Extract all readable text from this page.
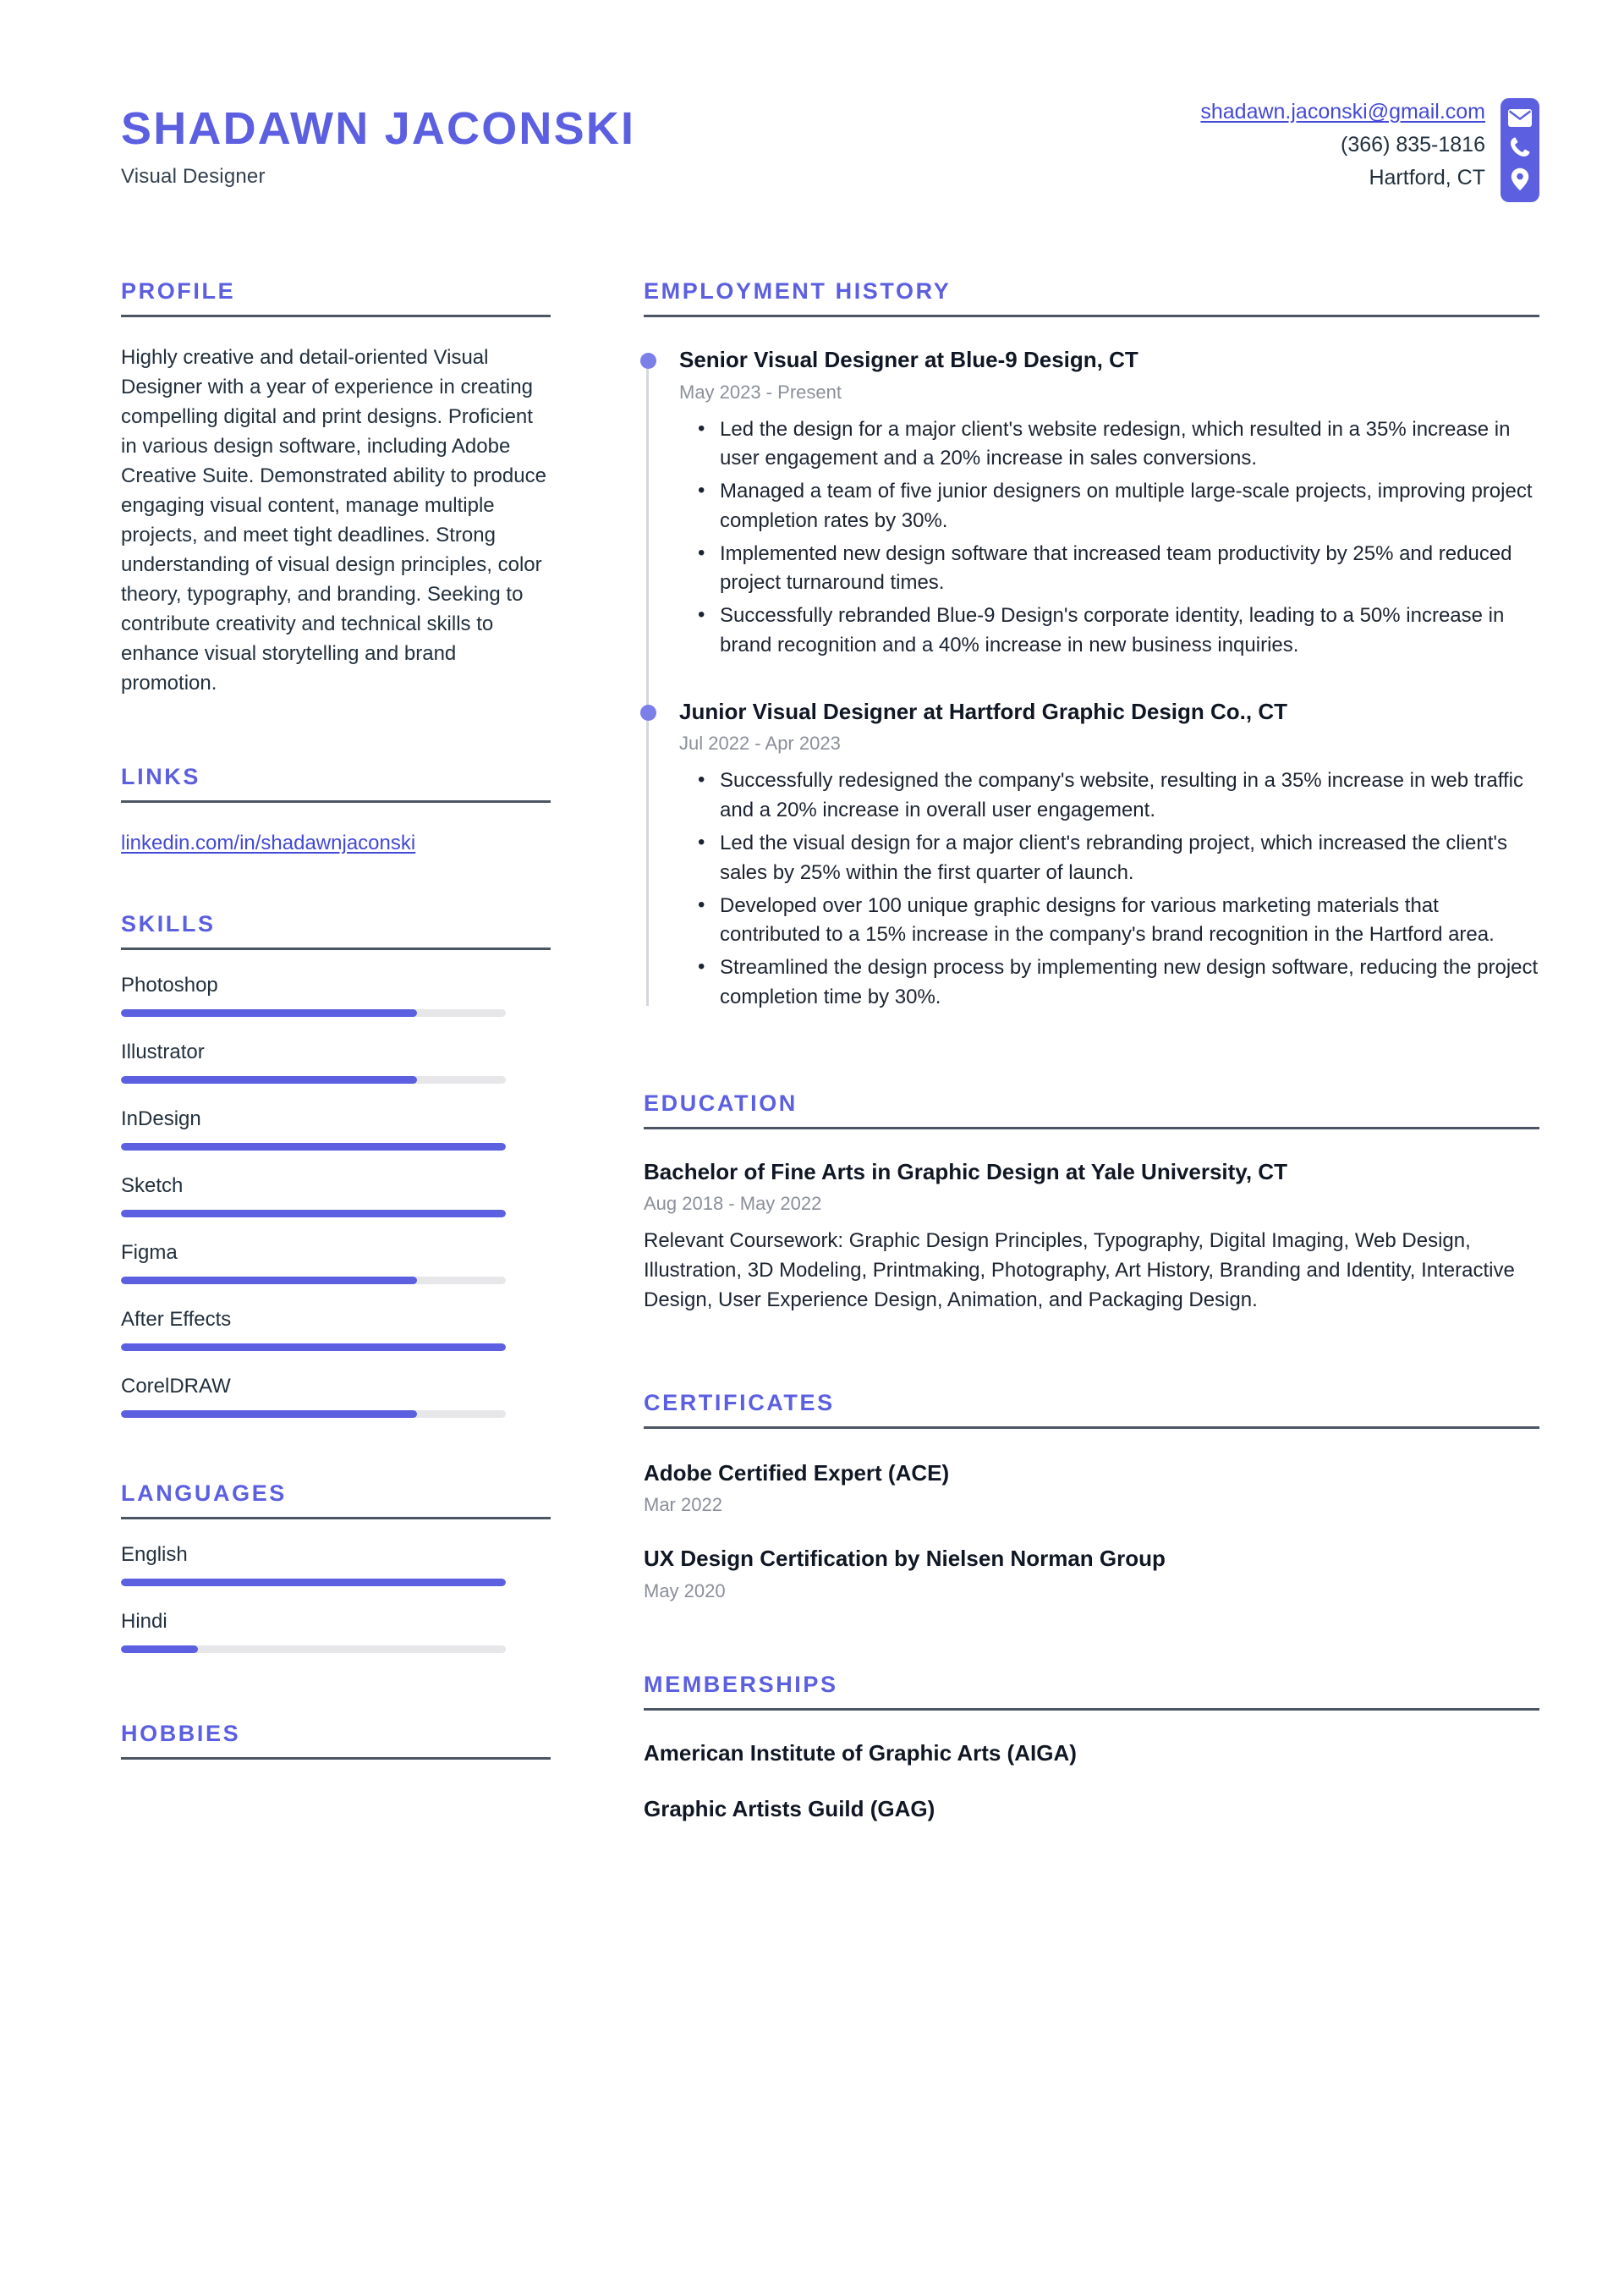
SHADAWN JACONSKI
Visual Designer
shadawn.jaconski@gmail.com
(366) 835-1816
Hartford, CT
PROFILE
Highly creative and detail-oriented Visual Designer with a year of experience in creating compelling digital and print designs. Proficient in various design software, including Adobe Creative Suite. Demonstrated ability to produce engaging visual content, manage multiple projects, and meet tight deadlines. Strong understanding of visual design principles, color theory, typography, and branding. Seeking to contribute creativity and technical skills to enhance visual storytelling and brand promotion.
LINKS
linkedin.com/in/shadawnjaconski
SKILLS
Photoshop
Illustrator
InDesign
Sketch
Figma
After Effects
CorelDRAW
LANGUAGES
English
Hindi
HOBBIES
EMPLOYMENT HISTORY
Senior Visual Designer at Blue-9 Design, CT
May 2023 - Present
• Led the design for a major client's website redesign, which resulted in a 35% increase in user engagement and a 20% increase in sales conversions.
• Managed a team of five junior designers on multiple large-scale projects, improving project completion rates by 30%.
• Implemented new design software that increased team productivity by 25% and reduced project turnaround times.
• Successfully rebranded Blue-9 Design's corporate identity, leading to a 50% increase in brand recognition and a 40% increase in new business inquiries.
Junior Visual Designer at Hartford Graphic Design Co., CT
Jul 2022 - Apr 2023
• Successfully redesigned the company's website, resulting in a 35% increase in web traffic and a 20% increase in overall user engagement.
• Led the visual design for a major client's rebranding project, which increased the client's sales by 25% within the first quarter of launch.
• Developed over 100 unique graphic designs for various marketing materials that contributed to a 15% increase in the company's brand recognition in the Hartford area.
• Streamlined the design process by implementing new design software, reducing the project completion time by 30%.
EDUCATION
Bachelor of Fine Arts in Graphic Design at Yale University, CT
Aug 2018 - May 2022
Relevant Coursework: Graphic Design Principles, Typography, Digital Imaging, Web Design, Illustration, 3D Modeling, Printmaking, Photography, Art History, Branding and Identity, Interactive Design, User Experience Design, Animation, and Packaging Design.
CERTIFICATES
Adobe Certified Expert (ACE)
Mar 2022
UX Design Certification by Nielsen Norman Group
May 2020
MEMBERSHIPS
American Institute of Graphic Arts (AIGA)
Graphic Artists Guild (GAG)
